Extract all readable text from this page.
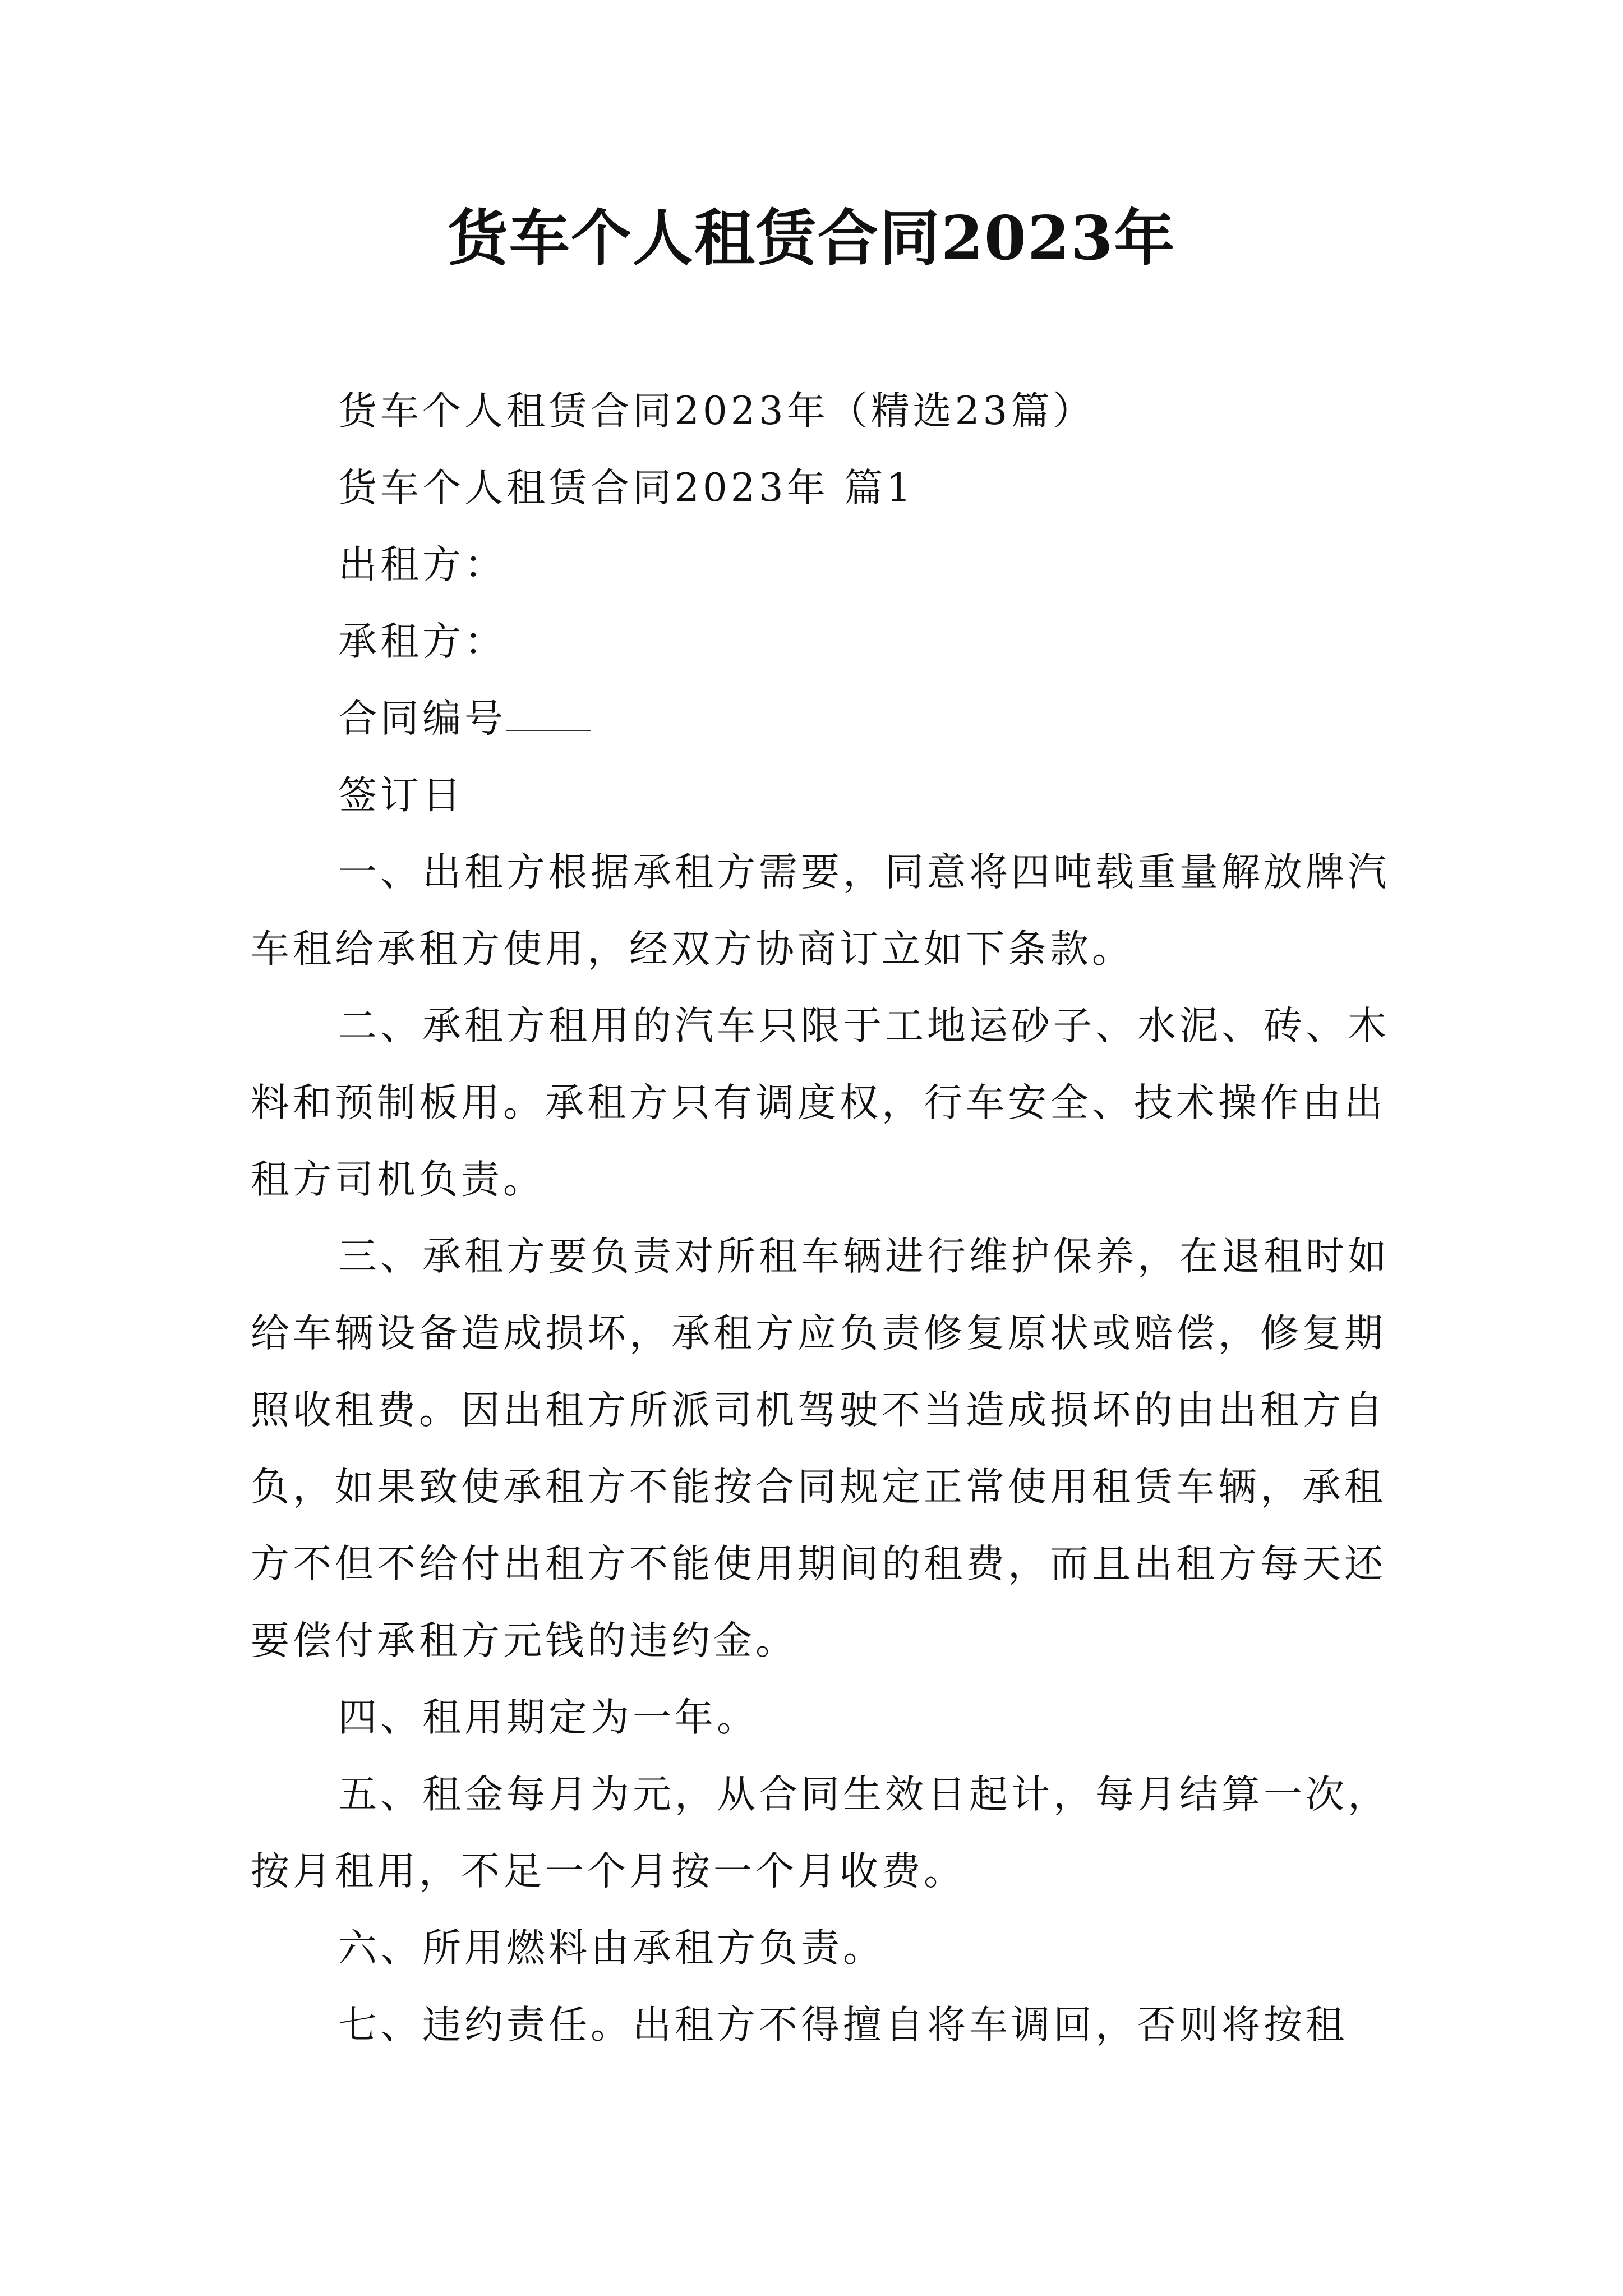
货车个人租赁合同2023年

货车个人租赁合同2023年（精选23篇）

货车个人租赁合同2023年 篇1

出租方：

承租方：

合同编号

签订日

一、出租方根据承租方需要，同意将四吨载重量解放牌汽车租给承租方使用，经双方协商订立如下条款。

二、承租方租用的汽车只限于工地运砂子、水泥、砖、木料和预制板用。承租方只有调度权，行车安全、技术操作由出租方司机负责。

三、承租方要负责对所租车辆进行维护保养，在退租时如给车辆设备造成损坏，承租方应负责修复原状或赔偿，修复期照收租费。因出租方所派司机驾驶不当造成损坏的由出租方自负，如果致使承租方不能按合同规定正常使用租赁车辆，承租方不但不给付出租方不能使用期间的租费，而且出租方每天还要偿付承租方元钱的违约金。

四、租用期定为一年。

五、租金每月为元，从合同生效日起计，每月结算一次，按月租用，不足一个月按一个月收费。

六、所用燃料由承租方负责。

七、违约责任。出租方不得擅自将车调回，否则将按租
